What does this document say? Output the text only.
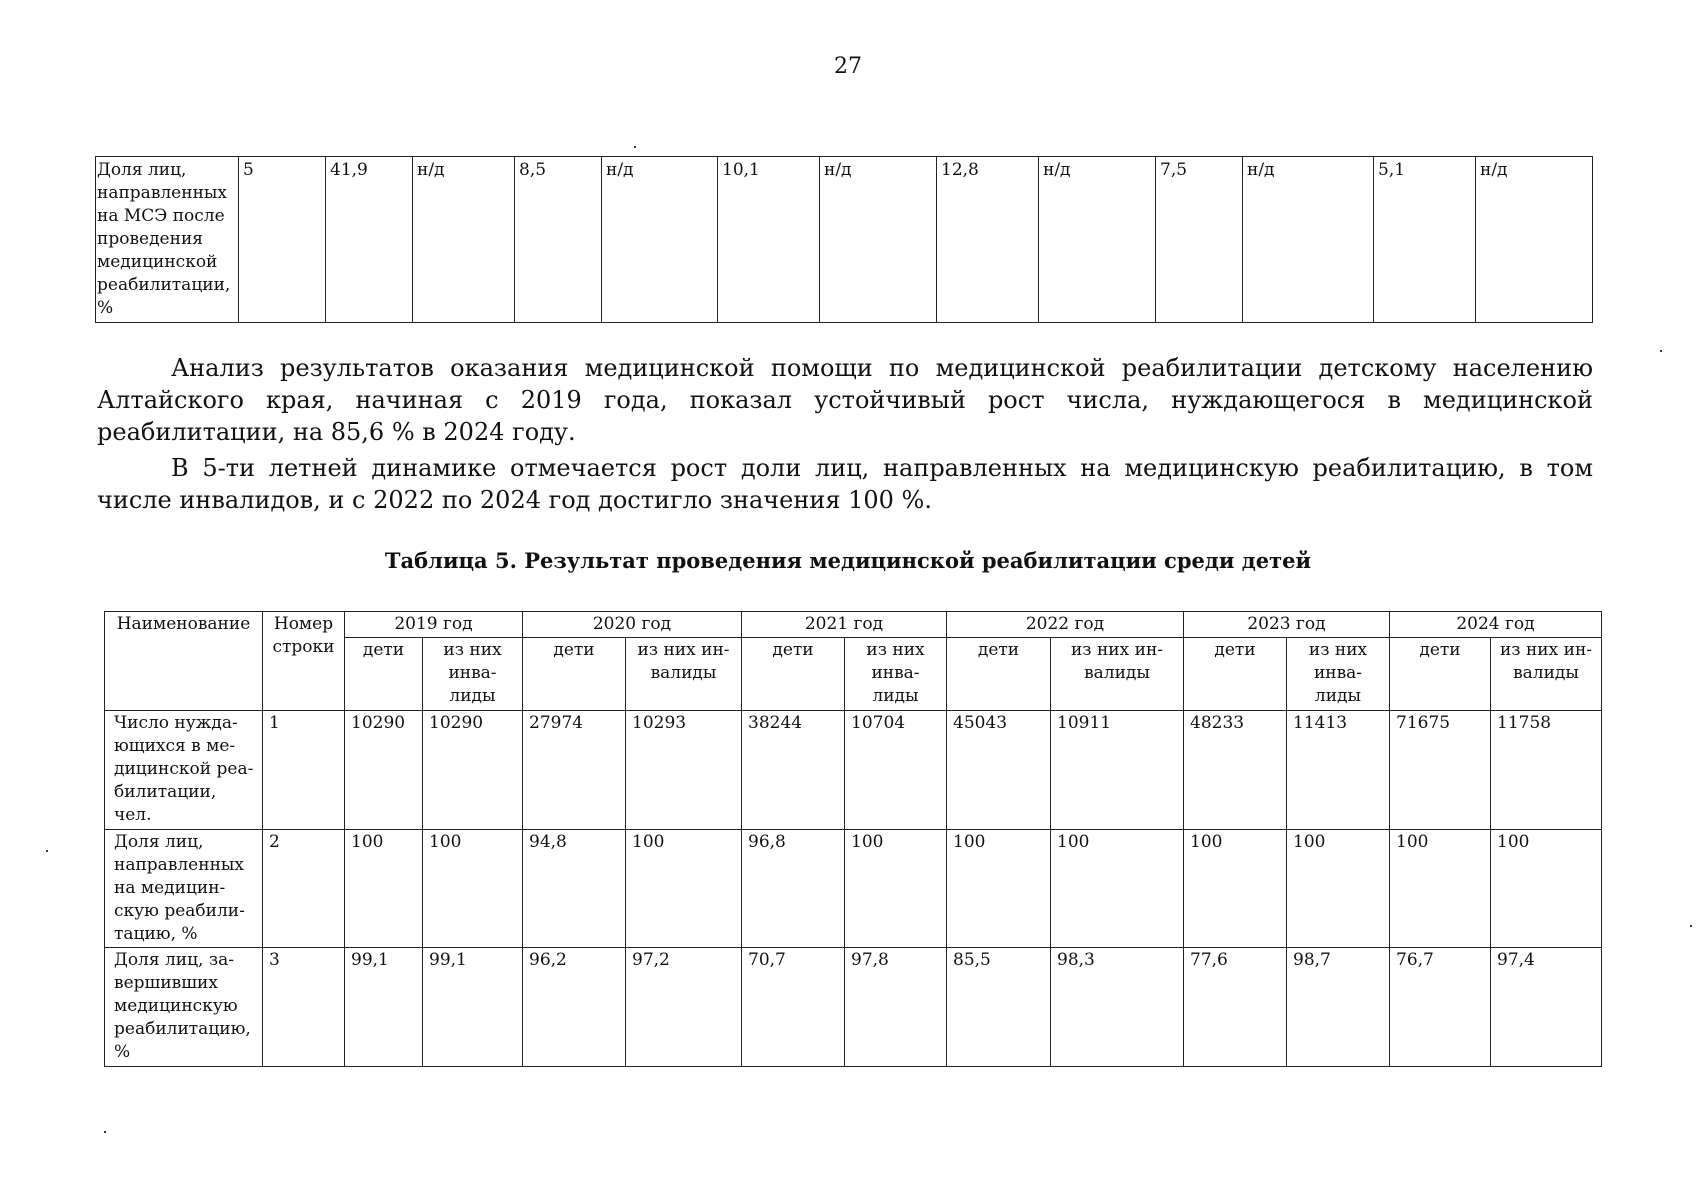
27
Доля лиц, направленных на МСЭ после проведения медицинской реабилитации, %	5	41,9	н/д	8,5	н/д	10,1	н/д	12,8	н/д	7,5	н/д	5,1	н/д

Анализ результатов оказания медицинской помощи по медицинской реабилитации детскому населению Алтайского края, начиная с 2019 года, показал устойчивый рост числа, нуждающегося в медицинской реабилитации, на 85,6 % в 2024 году.

В 5-ти летней динамике отмечается рост доли лиц, направленных на медицинскую реабилитацию, в том числе инвалидов, и с 2022 по 2024 год достигло значения 100 %.

Таблица 5. Результат проведения медицинской реабилитации среди детей
Наименование	Номер строки	2019 год		2020 год		2021 год		2022 год		2023 год		2024 год	
		дети	из них инва-лиды	дети	из них ин-валиды	дети	из них инва-лиды	дети	из них ин-валиды	дети	из них инва-лиды	дети	из них ин-валиды
Число нужда-ющихся в ме-дицинской реа-билитации, чел.	1	10290	10290	27974	10293	38244	10704	45043	10911	48233	11413	71675	11758
Доля лиц, направленных на медицин-скую реабили-тацию, %	2	100	100	94,8	100	96,8	100	100	100	100	100	100	100
Доля лиц, за-вершивших медицинскую реабилитацию, %	3	99,1	99,1	96,2	97,2	70,7	97,8	85,5	98,3	77,6	98,7	76,7	97,4
